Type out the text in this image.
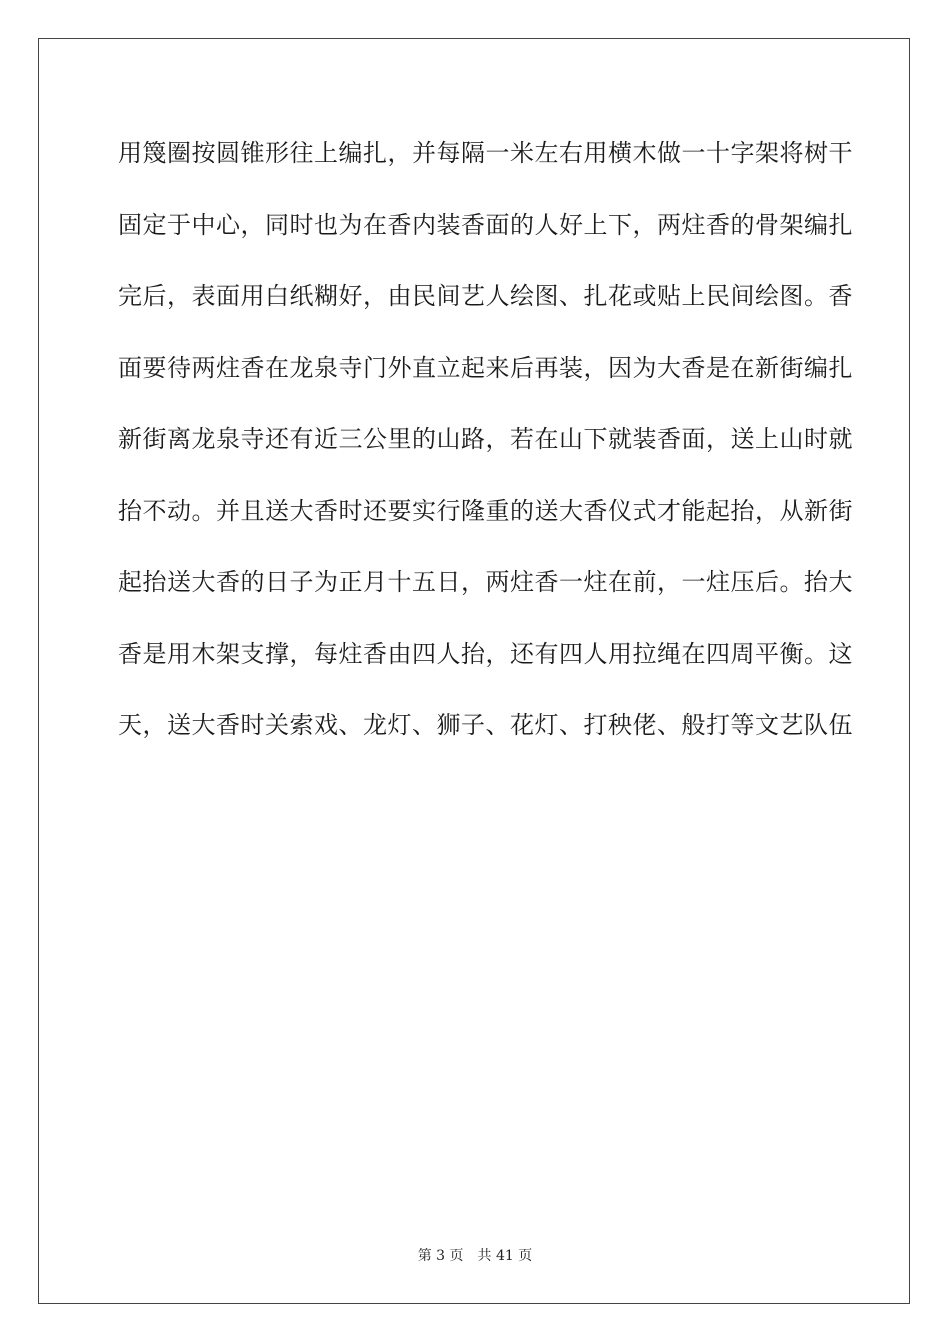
用篾圈按圆锥形往上编扎，并每隔一米左右用横木做一十字架将树干
固定于中心，同时也为在香内装香面的人好上下，两炷香的骨架编扎
完后，表面用白纸糊好，由民间艺人绘图、扎花或贴上民间绘图。香
面要待两炷香在龙泉寺门外直立起来后再装，因为大香是在新街编扎
新街离龙泉寺还有近三公里的山路，若在山下就装香面，送上山时就
抬不动。并且送大香时还要实行隆重的送大香仪式才能起抬，从新街
起抬送大香的日子为正月十五日，两炷香一炷在前，一炷压后。抬大
香是用木架支撑，每炷香由四人抬，还有四人用拉绳在四周平衡。这
天，送大香时关索戏、龙灯、狮子、花灯、打秧佬、般打等文艺队伍
第 3 页 共 41 页
